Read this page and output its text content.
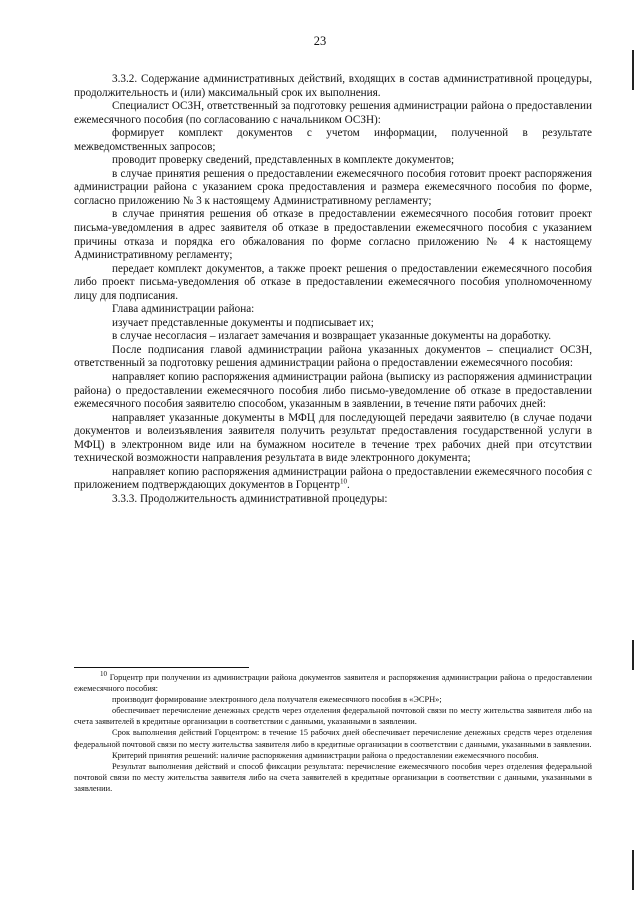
23

3.3.2. Содержание административных действий, входящих в состав административной процедуры, продолжительность и (или) максимальный срок их выполнения.

Специалист ОСЗН, ответственный за подготовку решения администрации района о предоставлении ежемесячного пособия (по согласованию с начальником ОСЗН):

формирует комплект документов с учетом информации, полученной в результате межведомственных запросов;

проводит проверку сведений, представленных в комплекте документов;

в случае принятия решения о предоставлении ежемесячного пособия готовит проект распоряжения администрации района с указанием срока предоставления и размера ежемесячного пособия по форме, согласно приложению № 3 к настоящему Административному регламенту;

в случае принятия решения об отказе в предоставлении ежемесячного пособия готовит проект письма-уведомления в адрес заявителя об отказе в предоставлении ежемесячного пособия с указанием причины отказа и порядка его обжалования по форме согласно приложению № 4 к настоящему Административному регламенту;

передает комплект документов, а также проект решения о предоставлении ежемесячного пособия либо проект письма-уведомления об отказе в предоставлении ежемесячного пособия уполномоченному лицу для подписания.

Глава администрации района:

изучает представленные документы и подписывает их;

в случае несогласия – излагает замечания и возвращает указанные документы на доработку.

После подписания главой администрации района указанных документов – специалист ОСЗН, ответственный за подготовку решения администрации района о предоставлении ежемесячного пособия:

направляет копию распоряжения администрации района (выписку из распоряжения администрации района) о предоставлении ежемесячного пособия либо письмо-уведомление об отказе в предоставлении ежемесячного пособия заявителю способом, указанным в заявлении, в течение пяти рабочих дней:

направляет указанные документы в МФЦ для последующей передачи заявителю (в случае подачи документов и волеизъявления заявителя получить результат предоставления государственной услуги в МФЦ) в электронном виде или на бумажном носителе в течение трех рабочих дней при отсутствии технической возможности направления результата в виде электронного документа;

направляет копию распоряжения администрации района о предоставлении ежемесячного пособия с приложением подтверждающих документов в Горцентр$^{10}$.

3.3.3. Продолжительность административной процедуры:

$^{10}$ Горцентр при получении из администрации района документов заявителя и распоряжения администрации района о предоставлении ежемесячного пособия:

производит формирование электронного дела получателя ежемесячного пособия в «ЭСРН»;

обеспечивает перечисление денежных средств через отделения федеральной почтовой связи по месту жительства заявителя либо на счета заявителей в кредитные организации в соответствии с данными, указанными в заявлении.

Срок выполнения действий Горцентром: в течение 15 рабочих дней обеспечивает перечисление денежных средств через отделения федеральной почтовой связи по месту жительства заявителя либо в кредитные организации в соответствии с данными, указанными в заявлении.

Критерий принятия решений: наличие распоряжения администрации района о предоставлении ежемесячного пособия.

Результат выполнения действий и способ фиксации результата: перечисление ежемесячного пособия через отделения федеральной почтовой связи по месту жительства заявителя либо на счета заявителей в кредитные организации в соответствии с данными, указанными в заявлении.
